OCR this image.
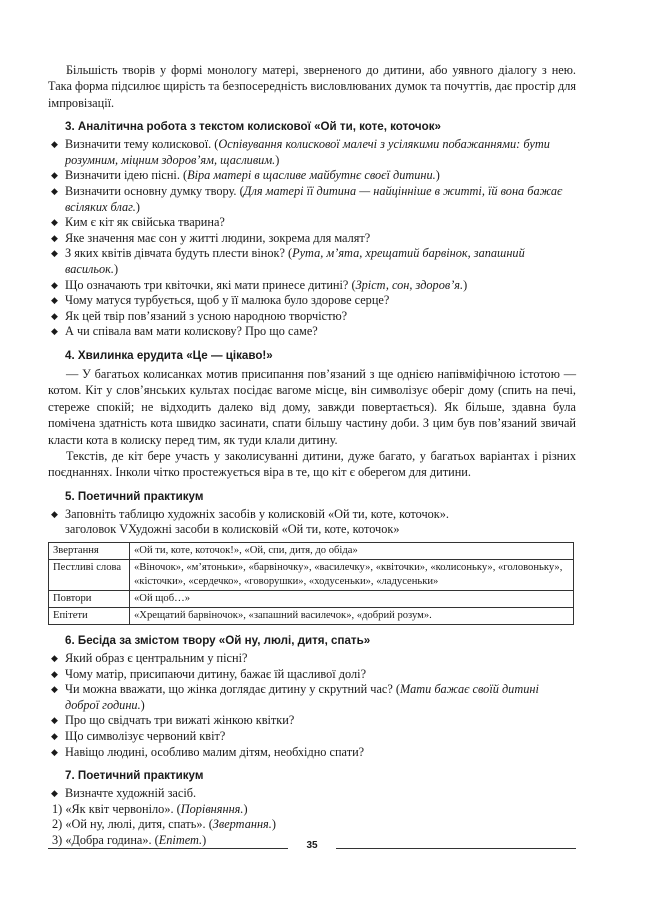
Більшість творів у формі монологу матері, зверненого до дитини, або уявного діалогу з нею. Така форма підсилює щирість та безпосередність висловлюваних думок та почуттів, дає простір для імпровізації.

3. Аналітична робота з текстом колискової «Ой ти, коте, коточок»
◆ Визначити тему колискової. (Оспівування колискової малечі з усілякими побажаннями: бути розумним, міцним здоров’ям, щасливим.)
◆ Визначити ідею пісні. (Віра матері в щасливе майбутнє своєї дитини.)
◆ Визначити основну думку твору. (Для матері її дитина — найцінніше в житті, їй вона бажає всіляких благ.)
◆ Ким є кіт як свійська тварина?
◆ Яке значення має сон у житті людини, зокрема для малят?
◆ З яких квітів дівчата будуть плести вінок? (Рута, м’ята, хрещатий барвінок, запашний васильок.)
◆ Що означають три квіточки, які мати принесе дитині? (Зріст, сон, здоров’я.)
◆ Чому матуся турбується, щоб у її малюка було здорове серце?
◆ Як цей твір пов’язаний з усною народною творчістю?
◆ А чи співала вам мати колискову? Про що саме?
4. Хвилинка ерудита «Це — цікаво!»

— У багатьох колисанках мотив присипання пов’язаний з ще однією напівміфічною істотою — котом. Кіт у слов’янських культах посідає вагоме місце, він символізує оберіг дому (спить на печі, стереже спокій; не відходить далеко від дому, завжди повертається). Як більше, здавна була помічена здатність кота швидко засинати, спати більшу частину доби. З цим був пов’язаний звичай класти кота в колиску перед тим, як туди клали дитину.

Текстів, де кіт бере участь у заколисуванні дитини, дуже багато, у багатьох варіантах і різних поєднаннях. Інколи чітко простежується віра в те, що кіт є оберегом для дитини.

5. Поетичний практикум
◆ Заповніть таблицю художніх засобів у колисковій «Ой ти, коте, коточок».
заголовок VХудожні засоби в колисковій «Ой ти, коте, коточок»
Звертання	«Ой ти, коте, коточок!», «Ой, спи, дитя, до обіда»
Пестливі слова	«Віночок», «м’ятоньки», «барвіночку», «василечку», «квіточки», «колисоньку», «головоньку», «кісточки», «сердечко», «говорушки», «ходусеньки», «ладусеньки»
Повтори	«Ой щоб…»
Епітети	«Хрещатий барвіночок», «запашний василечок», «добрий розум».
6. Бесіда за змістом твору «Ой ну, люлі, дитя, спать»
◆ Який образ є центральним у пісні?
◆ Чому матір, присипаючи дитину, бажає їй щасливої долі?
◆ Чи можна вважати, що жінка доглядає дитину у скрутний час? (Мати бажає своїй дитині доброї години.)
◆ Про що свідчать три вижаті жінкою квітки?
◆ Що символізує червоний квіт?
◆ Навіщо людині, особливо малим дітям, необхідно спати?
7. Поетичний практикум
◆ Визначте художній засіб.
1) «Як квіт червоніло». (Порівняння.)
2) «Ой ну, люлі, дитя, спать». (Звертання.)
3) «Добра година». (Епітет.)	35
